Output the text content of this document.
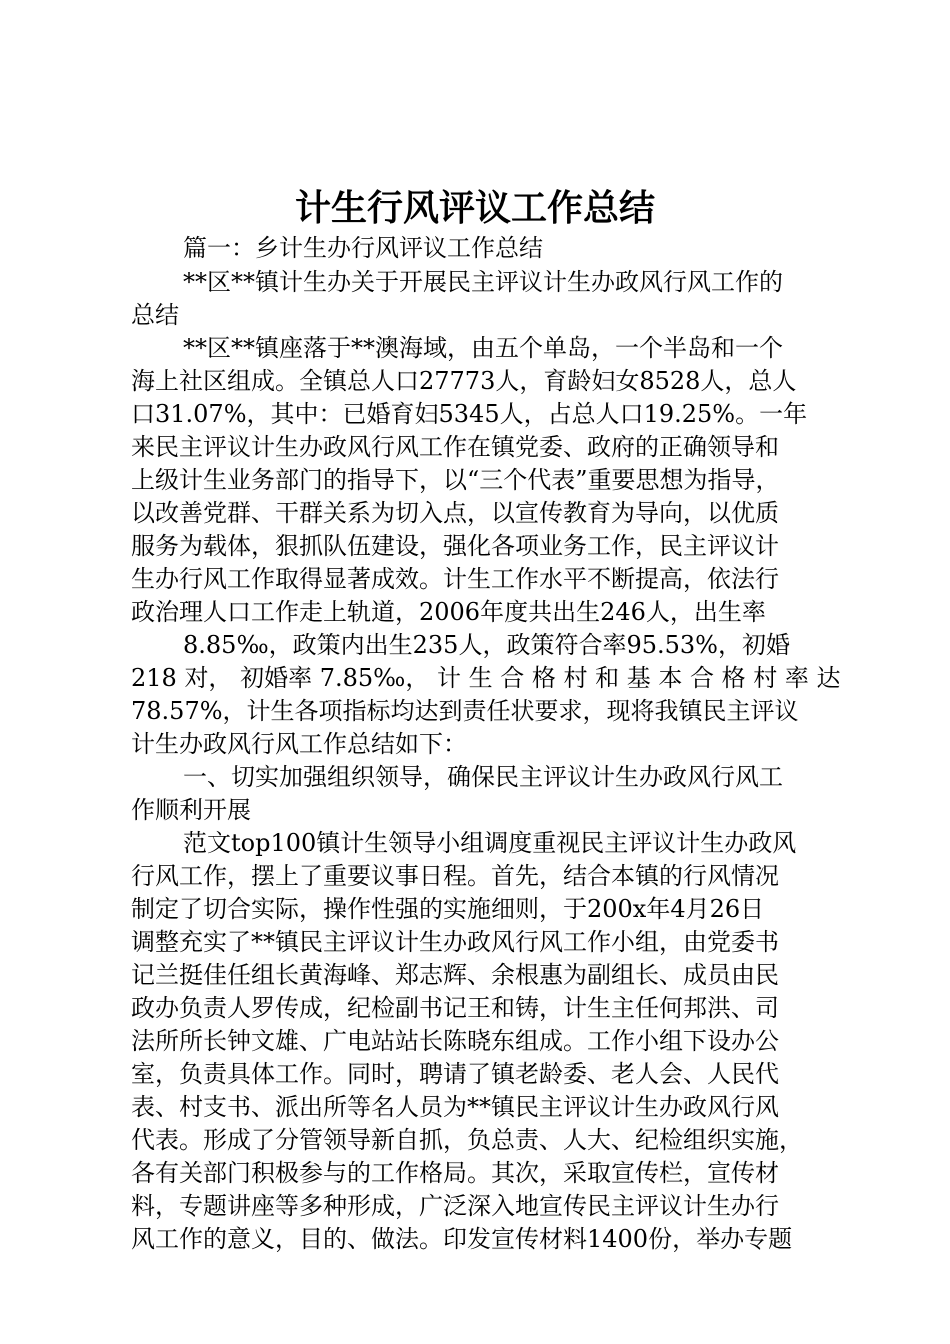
计生行风评议工作总结
篇一：乡计生办行风评议工作总结
**区**镇计生办关于开展民主评议计生办政风行风工作的
总结
**区**镇座落于**澳海域，由五个单岛，一个半岛和一个
海上社区组成。全镇总人口27773人，育龄妇女8528人，总人
口31.07%，其中：已婚育妇5345人，占总人口19.25%。一年
来民主评议计生办政风行风工作在镇党委、政府的正确领导和
上级计生业务部门的指导下，以“三个代表”重要思想为指导，
以改善党群、干群关系为切入点，以宣传教育为导向，以优质
服务为载体，狠抓队伍建设，强化各项业务工作，民主评议计
生办行风工作取得显著成效。计生工作水平不断提高，依法行
政治理人口工作走上轨道，2006年度共出生246人，出生率
8.85‰，政策内出生235人，政策符合率95.53%，初婚
218 对， 初婚率 7.85‰， 计 生 合 格 村 和 基 本 合 格 村 率 达
78.57%，计生各项指标均达到责任状要求，现将我镇民主评议
计生办政风行风工作总结如下：
一、切实加强组织领导，确保民主评议计生办政风行风工
作顺利开展
范文top100镇计生领导小组调度重视民主评议计生办政风
行风工作，摆上了重要议事日程。首先，结合本镇的行风情况
制定了切合实际，操作性强的实施细则，于200x年4月26日
调整充实了**镇民主评议计生办政风行风工作小组，由党委书
记兰挺佳任组长黄海峰、郑志辉、余根惠为副组长、成员由民
政办负责人罗传成，纪检副书记王和铸，计生主任何邦洪、司
法所所长钟文雄、广电站站长陈晓东组成。工作小组下设办公
室，负责具体工作。同时，聘请了镇老龄委、老人会、人民代
表、村支书、派出所等名人员为**镇民主评议计生办政风行风
代表。形成了分管领导新自抓，负总责、人大、纪检组织实施，
各有关部门积极参与的工作格局。其次，采取宣传栏，宣传材
料，专题讲座等多种形成，广泛深入地宣传民主评议计生办行
风工作的意义，目的、做法。印发宣传材料1400份，举办专题
